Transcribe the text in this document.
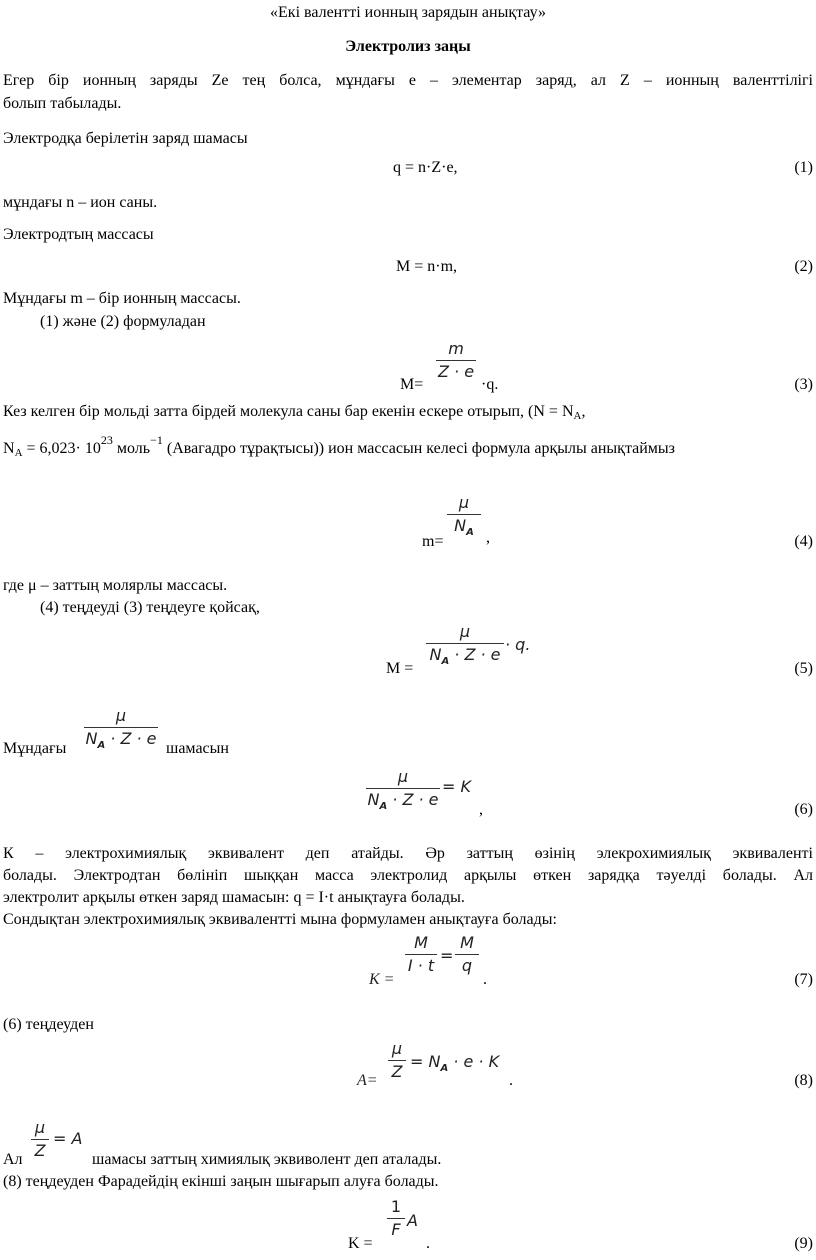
«Екі валентті ионның зарядын анықтау»
Электролиз заңы
Егер бір ионның заряды Ze тең болса, мұндағы е – элементар заряд, ал Z – ионның валенттілігі
болып табылады.
Электродқа берілетін заряд шамасы
q = n·Z·e,	(1)
мұндағы n – ион саны.
Электродтың массасы
M = n·m,	(2)
Мұндағы m – бір ионның массасы.
(1) және (2) формуладан
M=
m
Z · e
·q.	(3)
Кез келген бір мольді затта бірдей молекула саны бар екенін ескере отырып, (N = NA,
NA = $6,023\cdot 10^{23}$ моль$^{-1}$ (Авагадро тұрақтысы)) ион массасын келесі формула арқылы анықтаймыз
m=
μ
$N_A$ ,	(4)
где μ – заттың молярлы массасы.
(4) теңдеуді (3) теңдеуге қойсақ,
M =
μ
$N_A \cdot Z \cdot e$
· q.
(5)
Мұндағы
μ
$N_A \cdot Z \cdot e$
шамасын
μ
$N_A \cdot Z \cdot e$
= K
,	(6)
К – электрохимиялық эквивалент деп атайды. Әр заттың өзінің элекрохимиялық эквиваленті
болады. Электродтан бөлініп шыққан масса электролид арқылы өткен зарядқа тәуелді болады. Ал
электролит арқылы өткен заряд шамасын: q = I·t анықтауға болады.
Сондықтан электрохимиялық эквивалентті мына формуламен анықтауға болады:
K =
M
I · t
=
M
q
.	(7)
(6) теңдеуден
A=
μ
Z
= $N_A \cdot e \cdot K$
.	(8)
Ал
μ
Z
= A
шамасы заттың химиялық эквиволент деп аталады.
(8) теңдеуден Фарадейдің екінші заңын шығарып алуға болады.
K =
1
F A
.	(9)
